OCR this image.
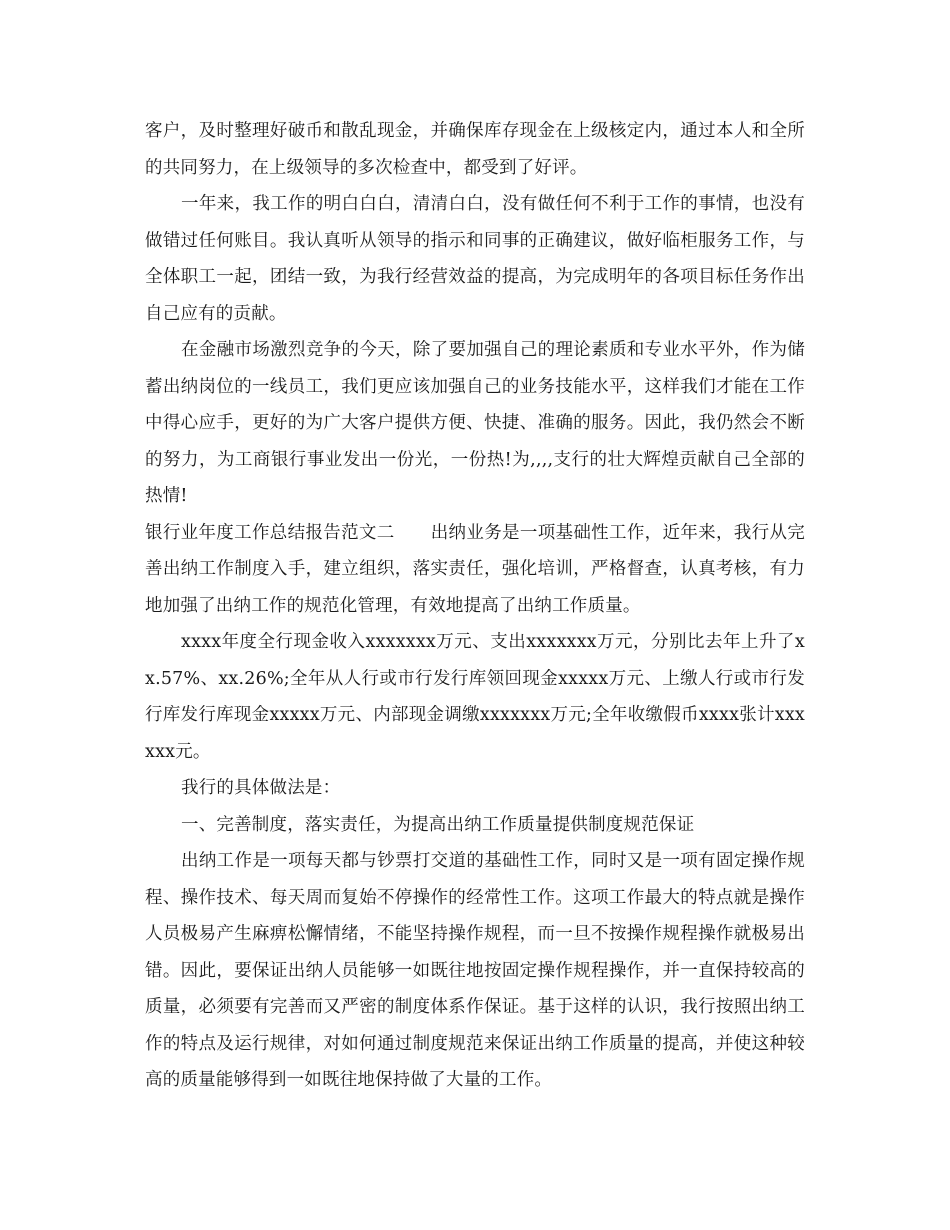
客户，及时整理好破币和散乱现金，并确保库存现金在上级核定内，通过本人和全所的共同努力，在上级领导的多次检查中，都受到了好评。

一年来，我工作的明白白白，清清白白，没有做任何不利于工作的事情，也没有做错过任何账目。我认真听从领导的指示和同事的正确建议，做好临柜服务工作，与全体职工一起，团结一致，为我行经营效益的提高，为完成明年的各项目标任务作出自己应有的贡献。

在金融市场激烈竞争的今天，除了要加强自己的理论素质和专业水平外，作为储蓄出纳岗位的一线员工，我们更应该加强自己的业务技能水平，这样我们才能在工作中得心应手，更好的为广大客户提供方便、快捷、准确的服务。因此，我仍然会不断的努力，为工商银行事业发出一份光，一份热!为,,,,支行的壮大辉煌贡献自己全部的热情!

银行业年度工作总结报告范文二 出纳业务是一项基础性工作，近年来，我行从完善出纳工作制度入手，建立组织，落实责任，强化培训，严格督查，认真考核，有力地加强了出纳工作的规范化管理，有效地提高了出纳工作质量。

xxxx年度全行现金收入xxxxxxx万元、支出xxxxxxx万元，分别比去年上升了xx.57%、xx.26%;全年从人行或市行发行库领回现金xxxxx万元、上缴人行或市行发行库发行库现金xxxxx万元、内部现金调缴xxxxxxx万元;全年收缴假币xxxx张计xxxxxx元。

我行的具体做法是：

一、完善制度，落实责任，为提高出纳工作质量提供制度规范保证

出纳工作是一项每天都与钞票打交道的基础性工作，同时又是一项有固定操作规程、操作技术、每天周而复始不停操作的经常性工作。这项工作最大的特点就是操作人员极易产生麻痹松懈情绪，不能坚持操作规程，而一旦不按操作规程操作就极易出错。因此，要保证出纳人员能够一如既往地按固定操作规程操作，并一直保持较高的质量，必须要有完善而又严密的制度体系作保证。基于这样的认识，我行按照出纳工作的特点及运行规律，对如何通过制度规范来保证出纳工作质量的提高，并使这种较高的质量能够得到一如既往地保持做了大量的工作。
